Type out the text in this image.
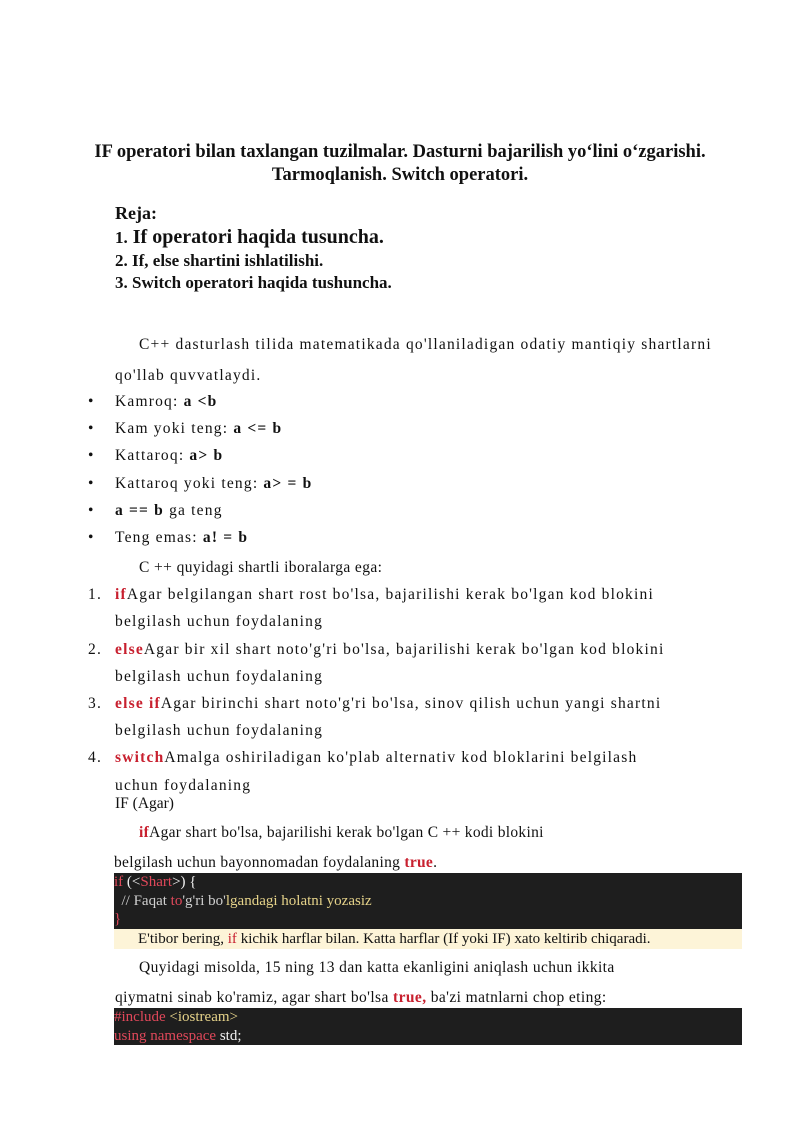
IF operatori bilan taxlangan tuzilmalar. Dasturni bajarilish yo‘lini o‘zgarishi.
Tarmoqlanish. Switch operatori.
Reja:
1. If operatori haqida tusuncha.
2. If, else shartini ishlatilishi.
3. Switch operatori haqida tushuncha.
C++ dasturlash tilida matematikada qo'llaniladigan odatiy mantiqiy shartlarni
qo'llab quvvatlaydi.
• Kamroq: a <b
• Kam yoki teng: a <= b
• Kattaroq: a> b
• Kattaroq yoki teng: a> = b
• a == b ga teng
• Teng emas: a! = b
C ++ quyidagi shartli iboralarga ega:
1. ifAgar belgilangan shart rost bo'lsa, bajarilishi kerak bo'lgan kod blokini
belgilash uchun foydalaning
2. elseAgar bir xil shart noto'g'ri bo'lsa, bajarilishi kerak bo'lgan kod blokini
belgilash uchun foydalaning
3. else ifAgar birinchi shart noto'g'ri bo'lsa, sinov qilish uchun yangi shartni
belgilash uchun foydalaning
4. switchAmalga oshiriladigan ko'plab alternativ kod bloklarini belgilash
uchun foydalaning
IF (Agar)
ifAgar shart bo'lsa, bajarilishi kerak bo'lgan C ++ kodi blokini
belgilash uchun bayonnomadan foydalaning true.
if (<Shart>) {
// Faqat to'g'ri bo'lgandagi holatni yozasiz
}
E'tibor bering, if kichik harflar bilan. Katta harflar (If yoki IF) xato keltirib chiqaradi.
Quyidagi misolda, 15 ning 13 dan katta ekanligini aniqlash uchun ikkita
qiymatni sinab ko'ramiz, agar shart bo'lsa true, ba'zi matnlarni chop eting:
#include <iostream>
using namespace std;
